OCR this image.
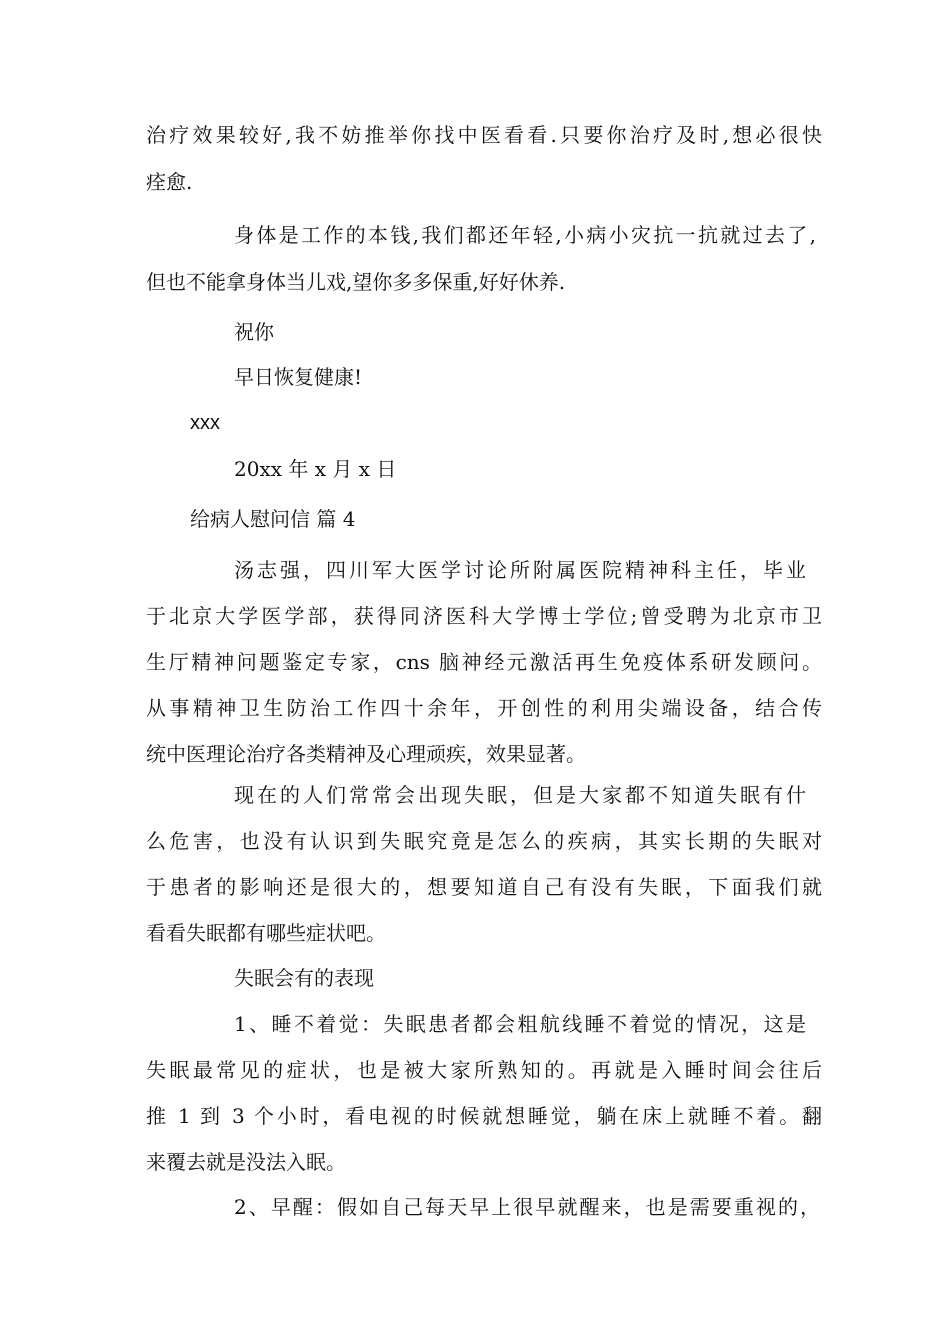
治疗效果较好,我不妨推举你找中医看看.只要你治疗及时,想必很快
痊愈.
身体是工作的本钱,我们都还年轻,小病小灾抗一抗就过去了,
但也不能拿身体当儿戏,望你多多保重,好好休养.
祝你
早日恢复健康!
xxx
20xx 年 x 月 x 日
给病人慰问信 篇 4
汤志强，四川军大医学讨论所附属医院精神科主任，毕业
于北京大学医学部，获得同济医科大学博士学位;曾受聘为北京市卫
生厅精神问题鉴定专家，cns 脑神经元激活再生免疫体系研发顾问。
从事精神卫生防治工作四十余年，开创性的利用尖端设备，结合传
统中医理论治疗各类精神及心理顽疾，效果显著。
现在的人们常常会出现失眠，但是大家都不知道失眠有什
么危害，也没有认识到失眠究竟是怎么的疾病，其实长期的失眠对
于患者的影响还是很大的，想要知道自己有没有失眠，下面我们就
看看失眠都有哪些症状吧。
失眠会有的表现
1、睡不着觉：失眠患者都会粗航线睡不着觉的情况，这是
失眠最常见的症状，也是被大家所熟知的。再就是入睡时间会往后
推 1 到 3 个小时，看电视的时候就想睡觉，躺在床上就睡不着。翻
来覆去就是没法入眠。
2、早醒：假如自己每天早上很早就醒来，也是需要重视的，
